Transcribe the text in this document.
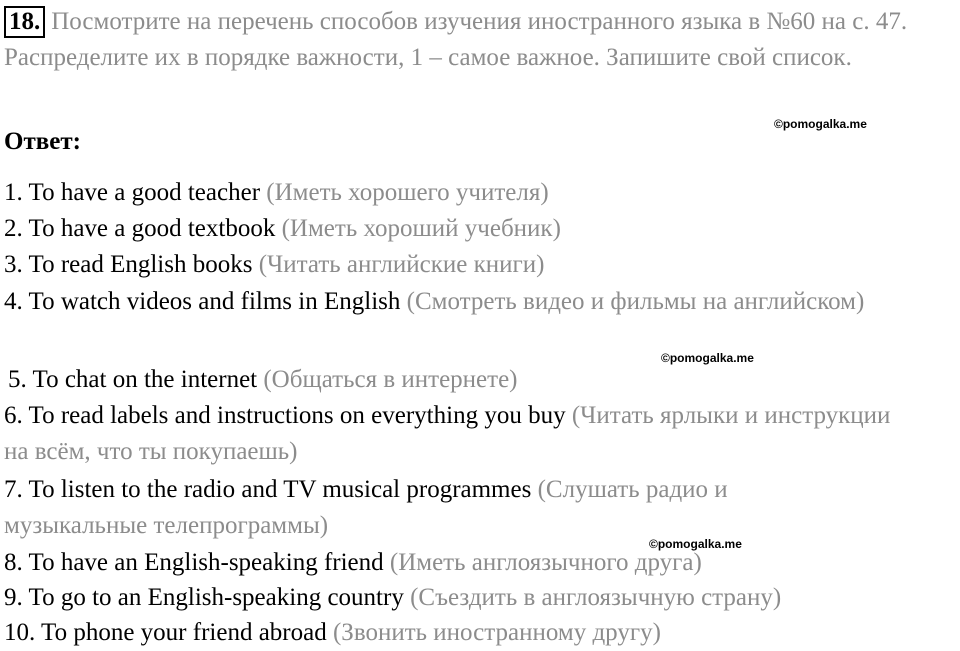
18. Посмотрите на перечень способов изучения иностранного языка в №60 на с. 47. Распределите их в порядке важности, 1 – самое важное. Запишите свой список.
Ответ:
©pomogalka.me
©pomogalka.me
©pomogalka.me
1. To have a good teacher (Иметь хорошего учителя)
2. To have a good textbook (Иметь хороший учебник)
3. To read English books (Читать английские книги)
4. To watch videos and films in English (Смотреть видео и фильмы на английском)
5. To chat on the internet (Общаться в интернете)
6. To read labels and instructions on everything you buy (Читать ярлыки и инструкции на всём, что ты покупаешь)
7. To listen to the radio and TV musical programmes (Слушать радио и музыкальные телепрограммы)
8. To have an English-speaking friend (Иметь англоязычного друга)
9. To go to an English-speaking country (Съездить в англоязычную страну)
10. To phone your friend abroad (Звонить иностранному другу)
